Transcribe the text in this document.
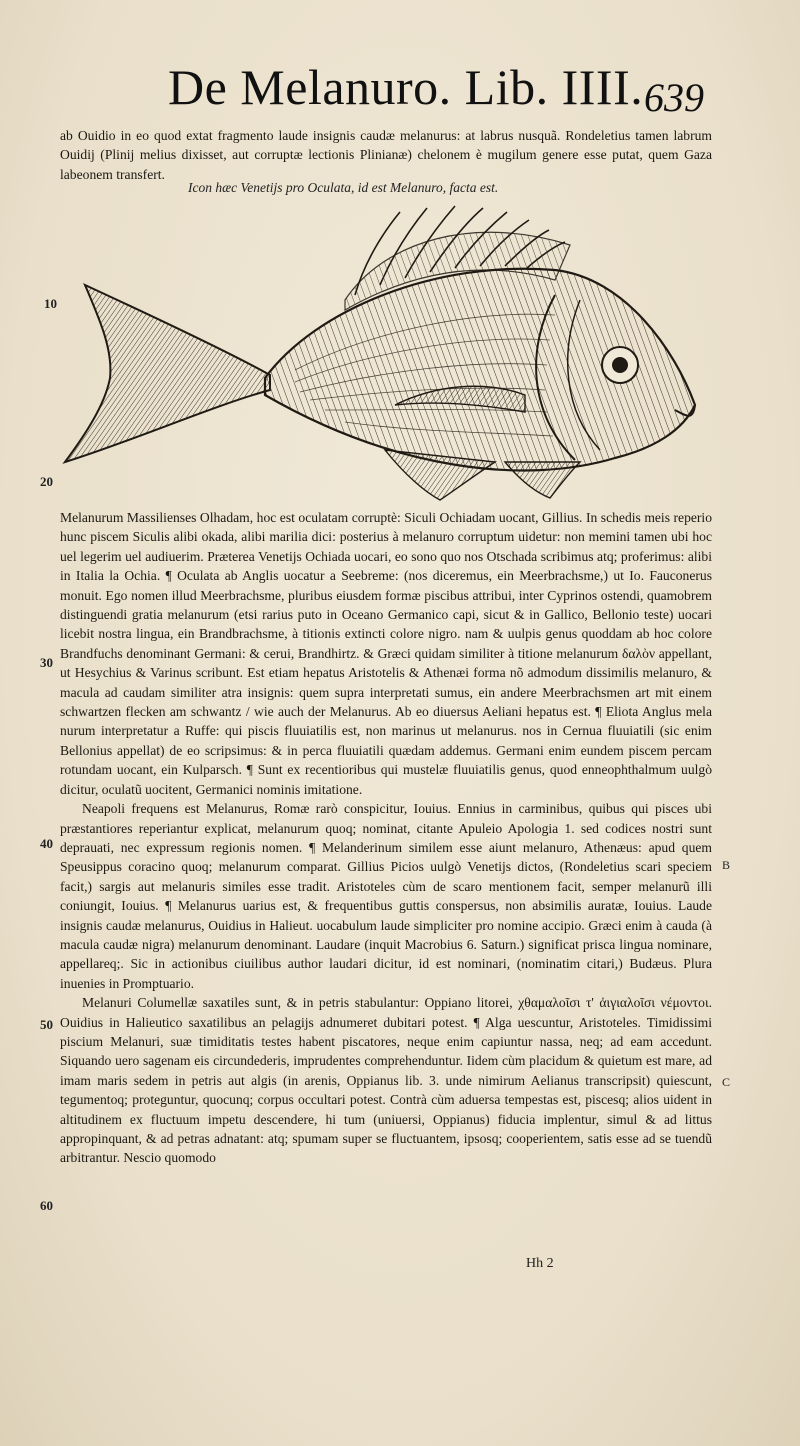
De Melanuro. Lib. IIII. 639

ab Ouidio in eo quod extat fragmento laude insignis caudæ melanurus: at labrus nusquã. Rondeletius tamen labrum Ouidij (Plinij melius dixisset, aut corruptæ lectionis Plinianæ) chelonem è mugilum genere esse putat, quem Gaza labeonem transfert.

Icon hæc Venetijs pro Oculata, id est Melanuro, facta est.

Melanurum Massilienses Olhadam, hoc est oculatam corruptè: Siculi Ochiadam uocant, Gillius. In schedis meis reperio hunc piscem Siculis alibi okada, alibi marilia dici: posterius à melanuro corruptum uidetur: non memini tamen ubi hoc uel legerim uel audiuerim. Præterea Venetijs Ochiada uocari, eo sono quo nos Otschada scribimus atq; proferimus: alibi in Italia la Ochia. ¶ Oculata ab Anglis uocatur a Seebreme: (nos diceremus, ein Meerbrachsme,) ut Io. Fauconerus monuit. Ego nomen illud Meerbrachsme, pluribus eiusdem formæ piscibus attribui, inter Cyprinos ostendi, quamobrem distinguendi gratia melanurum (etsi rarius puto in Oceano Germanico capi, sicut & in Gallico, Bellonio teste) uocari licebit nostra lingua, ein Brandbrachsme, à titionis extincti colore nigro. nam & uulpis genus quoddam ab hoc colore Brandfuchs denominant Germani: & cerui, Brandhirtz. & Græci quidam similiter à titione melanurum δαλὸν appellant, ut Hesychius & Varinus scribunt. Est etiam hepatus Aristotelis & Athenæi forma nõ admodum dissimilis melanuro, & macula ad caudam similiter atra insignis: quem supra interpretati sumus, ein andere Meerbrachsmen art mit einem schwartzen flecken am schwantz / wie auch der Melanurus. Ab eo diuersus Aeliani hepatus est. ¶ Eliota Anglus mela nurum interpretatur a Ruffe: qui piscis fluuiatilis est, non marinus ut melanurus. nos in Cernua fluuiatili (sic enim Bellonius appellat) de eo scripsimus: & in perca fluuiatili quædam addemus. Germani enim eundem piscem percam rotundam uocant, ein Kulparsch. ¶ Sunt ex recentioribus qui mustelæ fluuiatilis genus, quod enneophthalmum uulgò dicitur, oculatũ uocitent, Germanici nominis imitatione.

Neapoli frequens est Melanurus, Romæ rarò conspicitur, Iouius. Ennius in carminibus, quibus qui pisces ubi præstantiores reperiantur explicat, melanurum quoq; nominat, citante Apuleio Apologia 1. sed codices nostri sunt deprauati, nec expressum regionis nomen. ¶ Melanderinum similem esse aiunt melanuro, Athenæus: apud quem Speusippus coracino quoq; melanurum comparat. Gillius Picios uulgò Venetijs dictos, (Rondeletius scari speciem facit,) sargis aut melanuris similes esse tradit. Aristoteles cùm de scaro mentionem facit, semper melanurũ illi coniungit, Iouius. ¶ Melanurus uarius est, & frequentibus guttis conspersus, non absimilis auratæ, Iouius. Laude insignis caudæ melanurus, Ouidius in Halieut. uocabulum laude simpliciter pro nomine accipio. Græci enim à cauda (à macula caudæ nigra) melanurum denominant. Laudare (inquit Macrobius 6. Saturn.) significat prisca lingua nominare, appellareq;. Sic in actionibus ciuilibus author laudari dicitur, id est nominari, (nominatim citari,) Budæus. Plura inuenies in Promptuario.

Melanuri Columellæ saxatiles sunt, & in petris stabulantur: Oppiano litorei, χθαμαλοῖσι τ' ἀιγιαλοῖσι νέμοντοι. Ouidius in Halieutico saxatilibus an pelagijs adnumeret dubitari potest. ¶ Alga uescuntur, Aristoteles. Timidissimi piscium Melanuri, suæ timiditatis testes habent piscatores, neque enim capiuntur nassa, neq; ad eam accedunt. Siquando uero sagenam eis circundederis, imprudentes comprehenduntur. Iidem cùm placidum & quietum est mare, ad imam maris sedem in petris aut algis (in arenis, Oppianus lib. 3. unde nimirum Aelianus transcripsit) quiescunt, tegumentoq; proteguntur, quocunq; corpus occultari potest. Contrà cùm aduersa tempestas est, piscesq; alios uident in altitudinem ex fluctuum impetu descendere, hi tum (uniuersi, Oppianus) fiducia implentur, simul & ad littus appropinquant, & ad petras adnatant: atq; spumam super se fluctuantem, ipsosq; cooperientem, satis esse ad se tuendũ arbitrantur. Nescio quomodo

10
20
30
40
50
60
B
C
Hh 2
